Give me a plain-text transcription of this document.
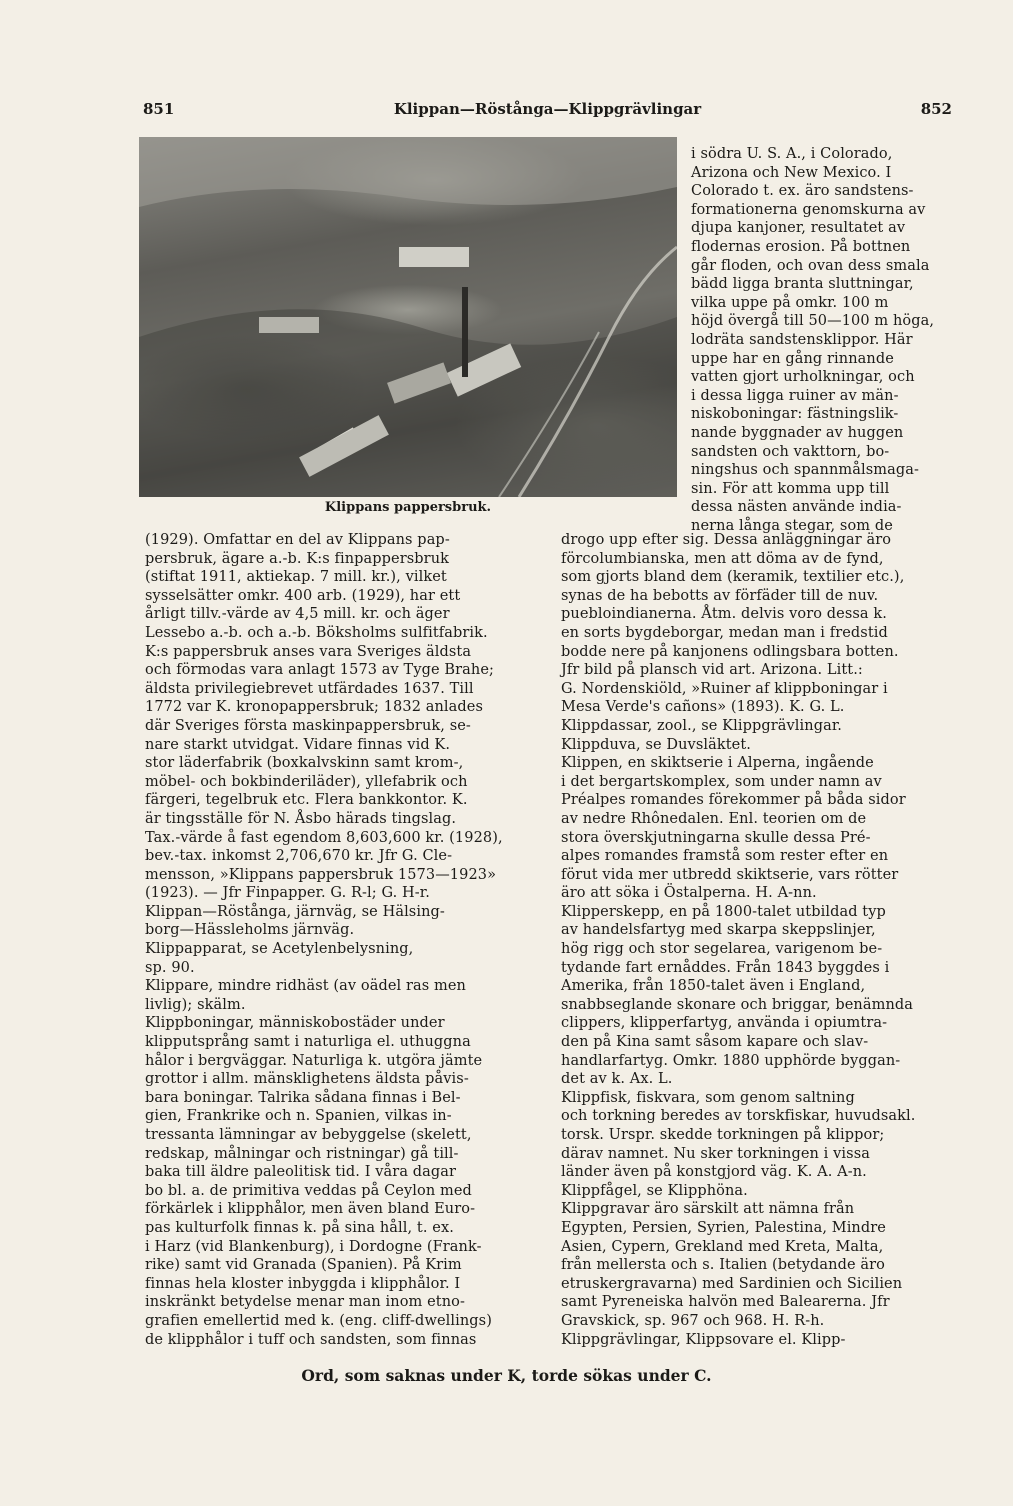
851	Klippan—Röstånga—Klippgrävlingar	852
Klippans pappersbruk.
i södra U. S. A., i Colorado,
Arizona och New Mexico. I
Colorado t. ex. äro sandstens-
formationerna genomskurna av
djupa kanjoner, resultatet av
flodernas erosion. På bottnen
går floden, och ovan dess smala
bädd ligga branta sluttningar,
vilka uppe på omkr. 100 m
höjd övergå till 50—100 m höga,
lodräta sandstensklippor. Här
uppe har en gång rinnande
vatten gjort urholkningar, och
i dessa ligga ruiner av män-
niskoboningar: fästningslik-
nande byggnader av huggen
sandsten och vakttorn, bo-
ningshus och spannmålsmaga-
sin. För att komma upp till
dessa nästen använde india-
nerna långa stegar, som de
(1929). Omfattar en del av Klippans pap-
persbruk, ägare a.-b. K:s finpappersbruk
(stiftat 1911, aktiekap. 7 mill. kr.), vilket
sysselsätter omkr. 400 arb. (1929), har ett
årligt tillv.-värde av 4,5 mill. kr. och äger
Lessebo a.-b. och a.-b. Böksholms sulfitfabrik.
K:s pappersbruk anses vara Sveriges äldsta
och förmodas vara anlagt 1573 av Tyge Brahe;
äldsta privilegiebrevet utfärdades 1637. Till
1772 var K. kronopappersbruk; 1832 anlades
där Sveriges första maskinpappersbruk, se-
nare starkt utvidgat. Vidare finnas vid K.
stor läderfabrik (boxkalvskinn samt krom-,
möbel- och bokbinderiläder), yllefabrik och
färgeri, tegelbruk etc. Flera bankkontor. K.
är tingsställe för N. Åsbo härads tingslag.
Tax.-värde å fast egendom 8,603,600 kr. (1928),
bev.-tax. inkomst 2,706,670 kr. Jfr G. Cle-
mensson, »Klippans pappersbruk 1573—1923»
(1923). — Jfr Finpapper. G. R-l; G. H-r.
Klippan—Röstånga, järnväg, se Hälsing-
borg—Hässleholms järnväg.
Klippapparat, se Acetylenbelysning,
sp. 90.
Klippare, mindre ridhäst (av oädel ras men
livlig); skälm.
Klippboningar, människobostäder under
klipputsprång samt i naturliga el. uthuggna
hålor i bergväggar. Naturliga k. utgöra jämte
grottor i allm. mänsklighetens äldsta påvis-
bara boningar. Talrika sådana finnas i Bel-
gien, Frankrike och n. Spanien, vilkas in-
tressanta lämningar av bebyggelse (skelett,
redskap, målningar och ristningar) gå till-
baka till äldre paleolitisk tid. I våra dagar
bo bl. a. de primitiva veddas på Ceylon med
förkärlek i klipphålor, men även bland Euro-
pas kulturfolk finnas k. på sina håll, t. ex.
i Harz (vid Blankenburg), i Dordogne (Frank-
rike) samt vid Granada (Spanien). På Krim
finnas hela kloster inbyggda i klipphålor. I
inskränkt betydelse menar man inom etno-
grafien emellertid med k. (eng. cliff-dwellings)
de klipphålor i tuff och sandsten, som finnas
drogo upp efter sig. Dessa anläggningar äro
förcolumbianska, men att döma av de fynd,
som gjorts bland dem (keramik, textilier etc.),
synas de ha bebotts av förfäder till de nuv.
puebloindianerna. Åtm. delvis voro dessa k.
en sorts bygdeborgar, medan man i fredstid
bodde nere på kanjonens odlingsbara botten.
Jfr bild på plansch vid art. Arizona. Litt.:
G. Nordenskiöld, »Ruiner af klippboningar i
Mesa Verde's cañons» (1893). K. G. L.
Klippdassar, zool., se Klippgrävlingar.
Klippduva, se Duvsläktet.
Klippen, en skiktserie i Alperna, ingående
i det bergartskomplex, som under namn av
Préalpes romandes förekommer på båda sidor
av nedre Rhônedalen. Enl. teorien om de
stora överskjutningarna skulle dessa Pré-
alpes romandes framstå som rester efter en
förut vida mer utbredd skiktserie, vars rötter
äro att söka i Östalperna. H. A-nn.
Klipperskepp, en på 1800-talet utbildad typ
av handelsfartyg med skarpa skeppslinjer,
hög rigg och stor segelarea, varigenom be-
tydande fart ernåddes. Från 1843 byggdes i
Amerika, från 1850-talet även i England,
snabbseglande skonare och briggar, benämnda
clippers, klipperfartyg, använda i opiumtra-
den på Kina samt såsom kapare och slav-
handlarfartyg. Omkr. 1880 upphörde byggan-
det av k. Ax. L.
Klippfisk, fiskvara, som genom saltning
och torkning beredes av torskfiskar, huvudsakl.
torsk. Urspr. skedde torkningen på klippor;
därav namnet. Nu sker torkningen i vissa
länder även på konstgjord väg. K. A. A-n.
Klippfågel, se Klipphöna.
Klippgravar äro särskilt att nämna från
Egypten, Persien, Syrien, Palestina, Mindre
Asien, Cypern, Grekland med Kreta, Malta,
från mellersta och s. Italien (betydande äro
etruskergravarna) med Sardinien och Sicilien
samt Pyreneiska halvön med Balearerna. Jfr
Gravskick, sp. 967 och 968. H. R-h.
Klippgrävlingar, Klippsovare el. Klipp-
Ord, som saknas under K, torde sökas under C.
